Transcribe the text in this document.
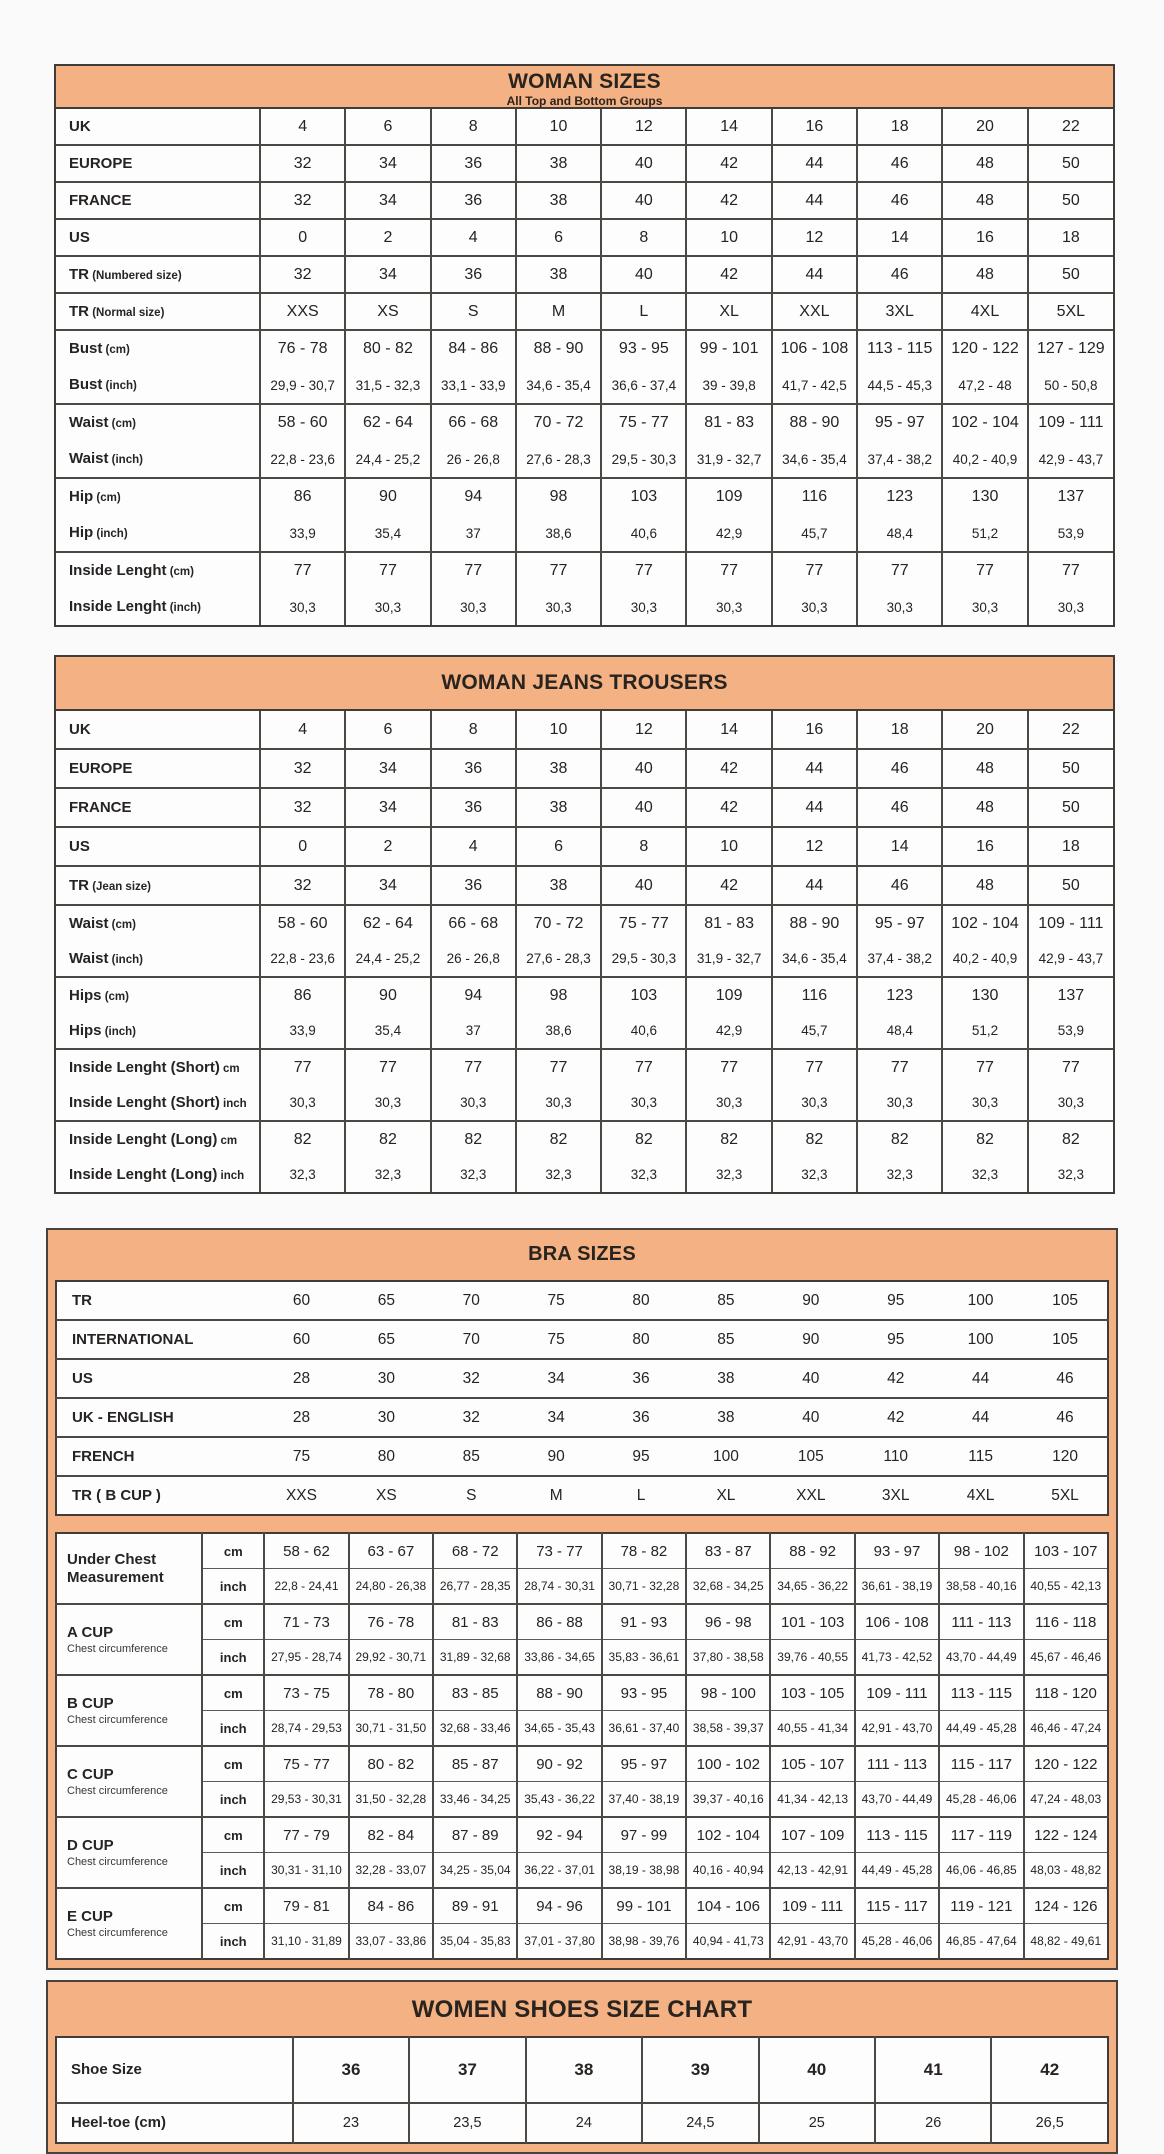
WOMAN SIZES
All Top and Bottom Groups
UK	4	6	8	10	12	14	16	18	20	22
EUROPE	32	34	36	38	40	42	44	46	48	50
FRANCE	32	34	36	38	40	42	44	46	48	50
US	0	2	4	6	8	10	12	14	16	18
TR (Numbered size)	32	34	36	38	40	42	44	46	48	50
TR (Normal size)	XXS	XS	S	M	L	XL	XXL	3XL	4XL	5XL
Bust (cm)	76 - 78	80 - 82	84 - 86	88 - 90	93 - 95	99 - 101	106 - 108	113 - 115	120 - 122	127 - 129
Bust (inch)	29,9 - 30,7	31,5 - 32,3	33,1 - 33,9	34,6 - 35,4	36,6 - 37,4	39 - 39,8	41,7 - 42,5	44,5 - 45,3	47,2 - 48	50 - 50,8
Waist (cm)	58 - 60	62 - 64	66 - 68	70 - 72	75 - 77	81 - 83	88 - 90	95 - 97	102 - 104	109 - 111
Waist (inch)	22,8 - 23,6	24,4 - 25,2	26 - 26,8	27,6 - 28,3	29,5 - 30,3	31,9 - 32,7	34,6 - 35,4	37,4 - 38,2	40,2 - 40,9	42,9 - 43,7
Hip (cm)	86	90	94	98	103	109	116	123	130	137
Hip (inch)	33,9	35,4	37	38,6	40,6	42,9	45,7	48,4	51,2	53,9
Inside Lenght (cm)	77	77	77	77	77	77	77	77	77	77
Inside Lenght (inch)	30,3	30,3	30,3	30,3	30,3	30,3	30,3	30,3	30,3	30,3
WOMAN JEANS TROUSERS
UK	4	6	8	10	12	14	16	18	20	22
EUROPE	32	34	36	38	40	42	44	46	48	50
FRANCE	32	34	36	38	40	42	44	46	48	50
US	0	2	4	6	8	10	12	14	16	18
TR (Jean size)	32	34	36	38	40	42	44	46	48	50
Waist (cm)	58 - 60	62 - 64	66 - 68	70 - 72	75 - 77	81 - 83	88 - 90	95 - 97	102 - 104	109 - 111
Waist (inch)	22,8 - 23,6	24,4 - 25,2	26 - 26,8	27,6 - 28,3	29,5 - 30,3	31,9 - 32,7	34,6 - 35,4	37,4 - 38,2	40,2 - 40,9	42,9 - 43,7
Hips (cm)	86	90	94	98	103	109	116	123	130	137
Hips (inch)	33,9	35,4	37	38,6	40,6	42,9	45,7	48,4	51,2	53,9
Inside Lenght (Short) cm	77	77	77	77	77	77	77	77	77	77
Inside Lenght (Short) inch	30,3	30,3	30,3	30,3	30,3	30,3	30,3	30,3	30,3	30,3
Inside Lenght (Long) cm	82	82	82	82	82	82	82	82	82	82
Inside Lenght (Long) inch	32,3	32,3	32,3	32,3	32,3	32,3	32,3	32,3	32,3	32,3
BRA SIZES
TR	60	65	70	75	80	85	90	95	100	105
INTERNATIONAL	60	65	70	75	80	85	90	95	100	105
US	28	30	32	34	36	38	40	42	44	46
UK - ENGLISH	28	30	32	34	36	38	40	42	44	46
FRENCH	75	80	85	90	95	100	105	110	115	120
TR ( B CUP )	XXS	XS	S	M	L	XL	XXL	3XL	4XL	5XL
Under Chest Measurement	cm	58 - 62	63 - 67	68 - 72	73 - 77	78 - 82	83 - 87	88 - 92	93 - 97	98 - 102	103 - 107
	inch	22,8 - 24,41	24,80 - 26,38	26,77 - 28,35	28,74 - 30,31	30,71 - 32,28	32,68 - 34,25	34,65 - 36,22	36,61 - 38,19	38,58 - 40,16	40,55 - 42,13

A CUP
Chest circumference	cm	71 - 73	76 - 78	81 - 83	86 - 88	91 - 93	96 - 98	101 - 103	106 - 108	111 - 113	116 - 118
	inch	27,95 - 28,74	29,92 - 30,71	31,89 - 32,68	33,86 - 34,65	35,83 - 36,61	37,80 - 38,58	39,76 - 40,55	41,73 - 42,52	43,70 - 44,49	45,67 - 46,46

B CUP
Chest circumference	cm	73 - 75	78 - 80	83 - 85	88 - 90	93 - 95	98 - 100	103 - 105	109 - 111	113 - 115	118 - 120
	inch	28,74 - 29,53	30,71 - 31,50	32,68 - 33,46	34,65 - 35,43	36,61 - 37,40	38,58 - 39,37	40,55 - 41,34	42,91 - 43,70	44,49 - 45,28	46,46 - 47,24

C CUP
Chest circumference	cm	75 - 77	80 - 82	85 - 87	90 - 92	95 - 97	100 - 102	105 - 107	111 - 113	115 - 117	120 - 122
	inch	29,53 - 30,31	31,50 - 32,28	33,46 - 34,25	35,43 - 36,22	37,40 - 38,19	39,37 - 40,16	41,34 - 42,13	43,70 - 44,49	45,28 - 46,06	47,24 - 48,03

D CUP
Chest circumference	cm	77 - 79	82 - 84	87 - 89	92 - 94	97 - 99	102 - 104	107 - 109	113 - 115	117 - 119	122 - 124
	inch	30,31 - 31,10	32,28 - 33,07	34,25 - 35,04	36,22 - 37,01	38,19 - 38,98	40,16 - 40,94	42,13 - 42,91	44,49 - 45,28	46,06 - 46,85	48,03 - 48,82

E CUP
Chest circumference	cm	79 - 81	84 - 86	89 - 91	94 - 96	99 - 101	104 - 106	109 - 111	115 - 117	119 - 121	124 - 126
	inch	31,10 - 31,89	33,07 - 33,86	35,04 - 35,83	37,01 - 37,80	38,98 - 39,76	40,94 - 41,73	42,91 - 43,70	45,28 - 46,06	46,85 - 47,64	48,82 - 49,61
WOMEN SHOES SIZE CHART
Shoe Size	36	37	38	39	40	41	42
Heel-toe (cm)	23	23,5	24	24,5	25	26	26,5
